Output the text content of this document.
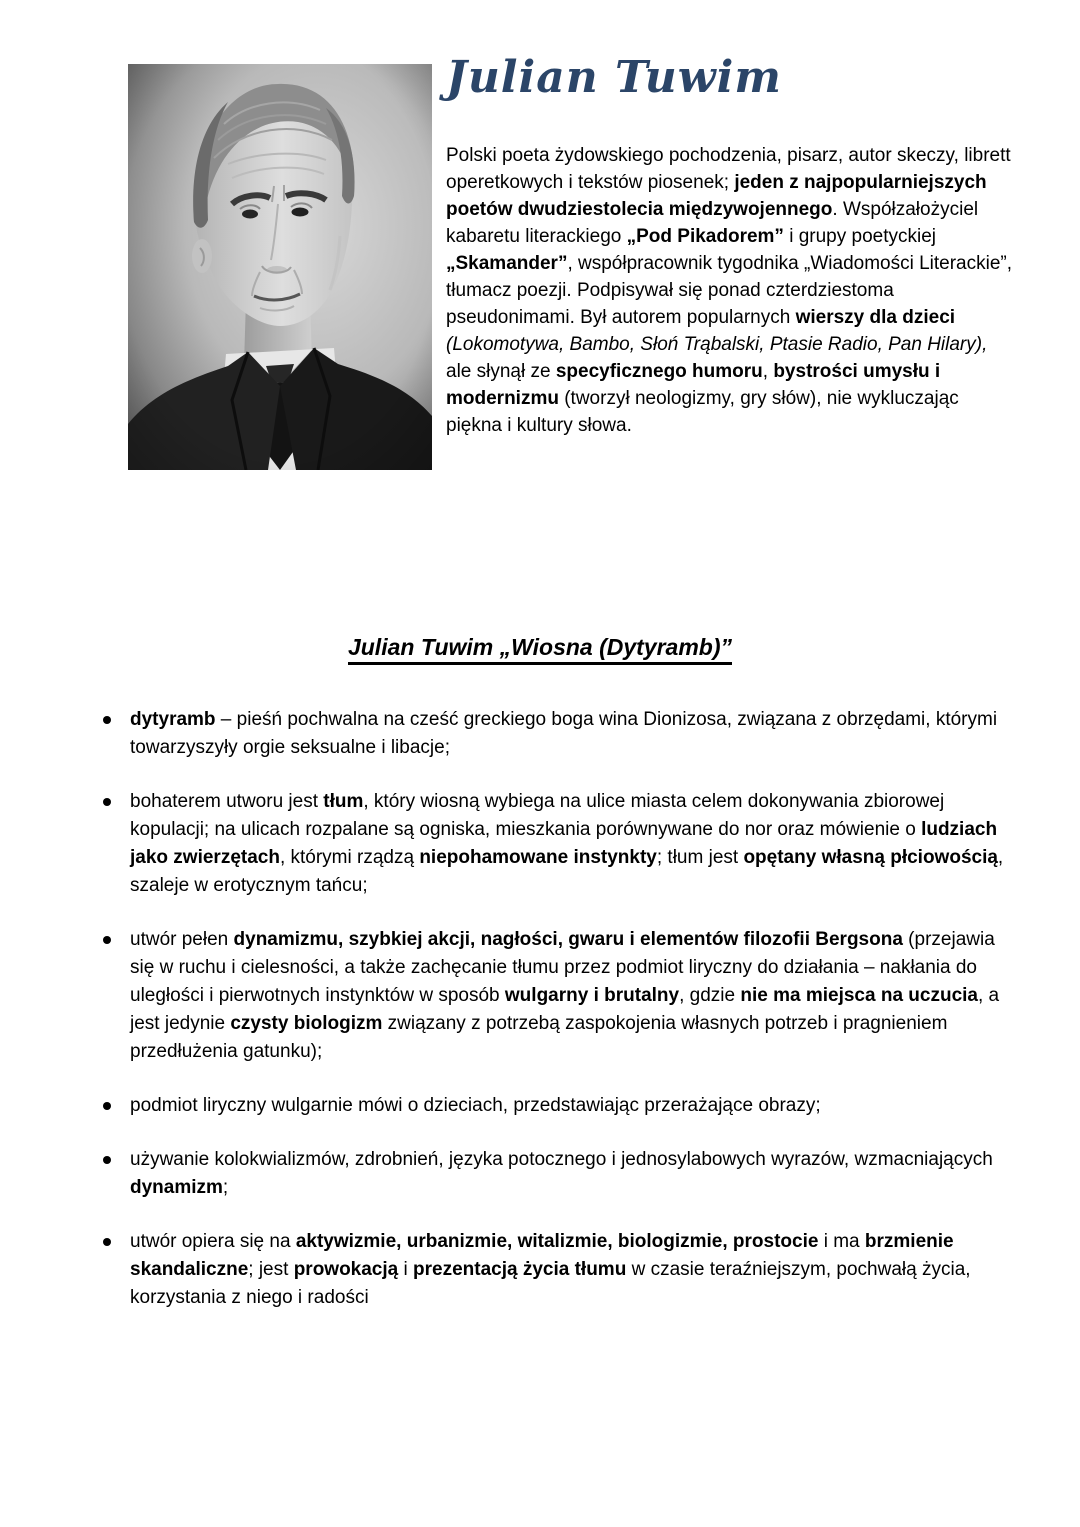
Julian Tuwim

Polski poeta żydowskiego pochodzenia, pisarz, autor skeczy, librett operetkowych i tekstów piosenek; jeden z najpopularniejszych poetów dwudziestolecia międzywojennego. Współzałożyciel kabaretu literackiego „Pod Pikadorem” i grupy poetyckiej „Skamander”, współpracownik tygodnika „Wiadomości Literackie”, tłumacz poezji. Podpisywał się ponad czterdziestoma pseudonimami. Był autorem popularnych wierszy dla dzieci (Lokomotywa, Bambo, Słoń Trąbalski, Ptasie Radio, Pan Hilary), ale słynął ze specyficznego humoru, bystrości umysłu i modernizmu (tworzył neologizmy, gry słów), nie wykluczając piękna i kultury słowa.

Julian Tuwim „Wiosna (Dytyramb)”
dytyramb – pieśń pochwalna na cześć greckiego boga wina Dionizosa, związana z obrzędami, którymi towarzyszyły orgie seksualne i libacje;
bohaterem utworu jest tłum, który wiosną wybiega na ulice miasta celem dokonywania zbiorowej kopulacji; na ulicach rozpalane są ogniska, mieszkania porównywane do nor oraz mówienie o ludziach jako zwierzętach, którymi rządzą niepohamowane instynkty; tłum jest opętany własną płciowością, szaleje w erotycznym tańcu;
utwór pełen dynamizmu, szybkiej akcji, nagłości, gwaru i elementów filozofii Bergsona (przejawia się w ruchu i cielesności, a także zachęcanie tłumu przez podmiot liryczny do działania – nakłania do uległości i pierwotnych instynktów w sposób wulgarny i brutalny, gdzie nie ma miejsca na uczucia, a jest jedynie czysty biologizm związany z potrzebą zaspokojenia własnych potrzeb i pragnieniem przedłużenia gatunku);
podmiot liryczny wulgarnie mówi o dzieciach, przedstawiając przerażające obrazy;
używanie kolokwializmów, zdrobnień, języka potocznego i jednosylabowych wyrazów, wzmacniających dynamizm;
utwór opiera się na aktywizmie, urbanizmie, witalizmie, biologizmie, prostocie i ma brzmienie skandaliczne; jest prowokacją i prezentacją życia tłumu w czasie teraźniejszym, pochwałą życia, korzystania z niego i radości
